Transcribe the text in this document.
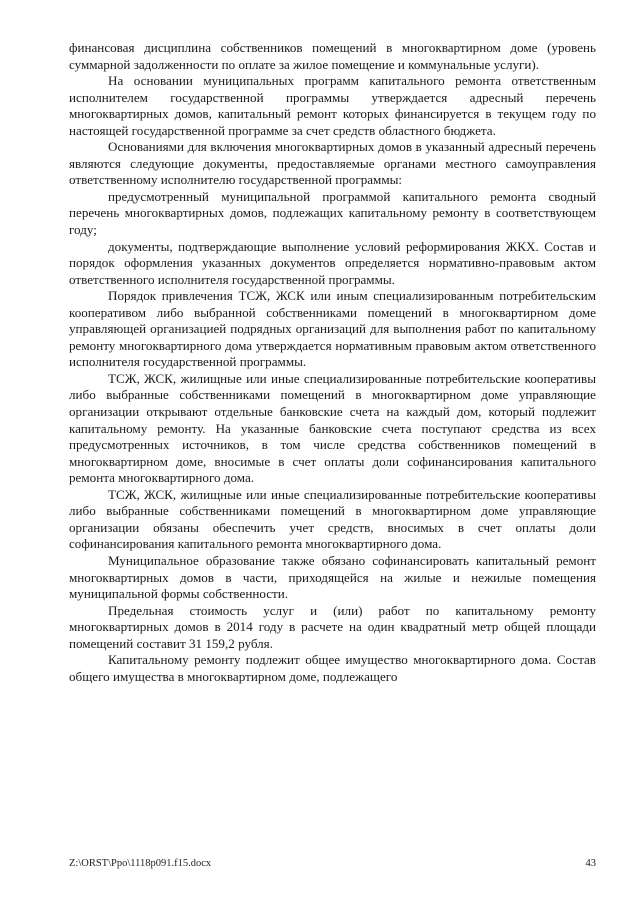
финансовая дисциплина собственников помещений в многоквартирном доме (уровень суммарной задолженности по оплате за жилое помещение и коммунальные услуги).

На основании муниципальных программ капитального ремонта ответственным исполнителем государственной программы утверждается адресный перечень многоквартирных домов, капитальный ремонт которых финансируется в текущем году по настоящей государственной программе за счет средств областного бюджета.

Основаниями для включения многоквартирных домов в указанный адресный перечень являются следующие документы, предоставляемые органами местного самоуправления ответственному исполнителю государственной программы:

предусмотренный муниципальной программой капитального ремонта сводный перечень многоквартирных домов, подлежащих капитальному ремонту в соответствующем году;

документы, подтверждающие выполнение условий реформирования ЖКХ. Состав и порядок оформления указанных документов определяется нормативно-правовым актом ответственного исполнителя государственной программы.

Порядок привлечения ТСЖ, ЖСК или иным специализированным потребительским кооперативом либо выбранной собственниками помещений в многоквартирном доме управляющей организацией подрядных организаций для выполнения работ по капитальному ремонту многоквартирного дома утверждается нормативным правовым актом ответственного исполнителя государственной программы.

ТСЖ, ЖСК, жилищные или иные специализированные потребительские кооперативы либо выбранные собственниками помещений в многоквартирном доме управляющие организации открывают отдельные банковские счета на каждый дом, который подлежит капитальному ремонту. На указанные банковские счета поступают средства из всех предусмотренных источников, в том числе средства собственников помещений в многоквартирном доме, вносимые в счет оплаты доли софинансирования капитального ремонта многоквартирного дома.

ТСЖ, ЖСК, жилищные или иные специализированные потребительские кооперативы либо выбранные собственниками помещений в многоквартирном доме управляющие организации обязаны обеспечить учет средств, вносимых в счет оплаты доли софинансирования капитального ремонта многоквартирного дома.

Муниципальное образование также обязано софинансировать капитальный ремонт многоквартирных домов в части, приходящейся на жилые и нежилые помещения муниципальной формы собственности.

Предельная стоимость услуг и (или) работ по капитальному ремонту многоквартирных домов в 2014 году в расчете на один квадратный метр общей площади помещений составит 31 159,2 рубля.

Капитальному ремонту подлежит общее имущество многоквартирного дома. Состав общего имущества в многоквартирном доме, подлежащего

Z:\ORST\Ppo\1118p091.f15.docx	43
